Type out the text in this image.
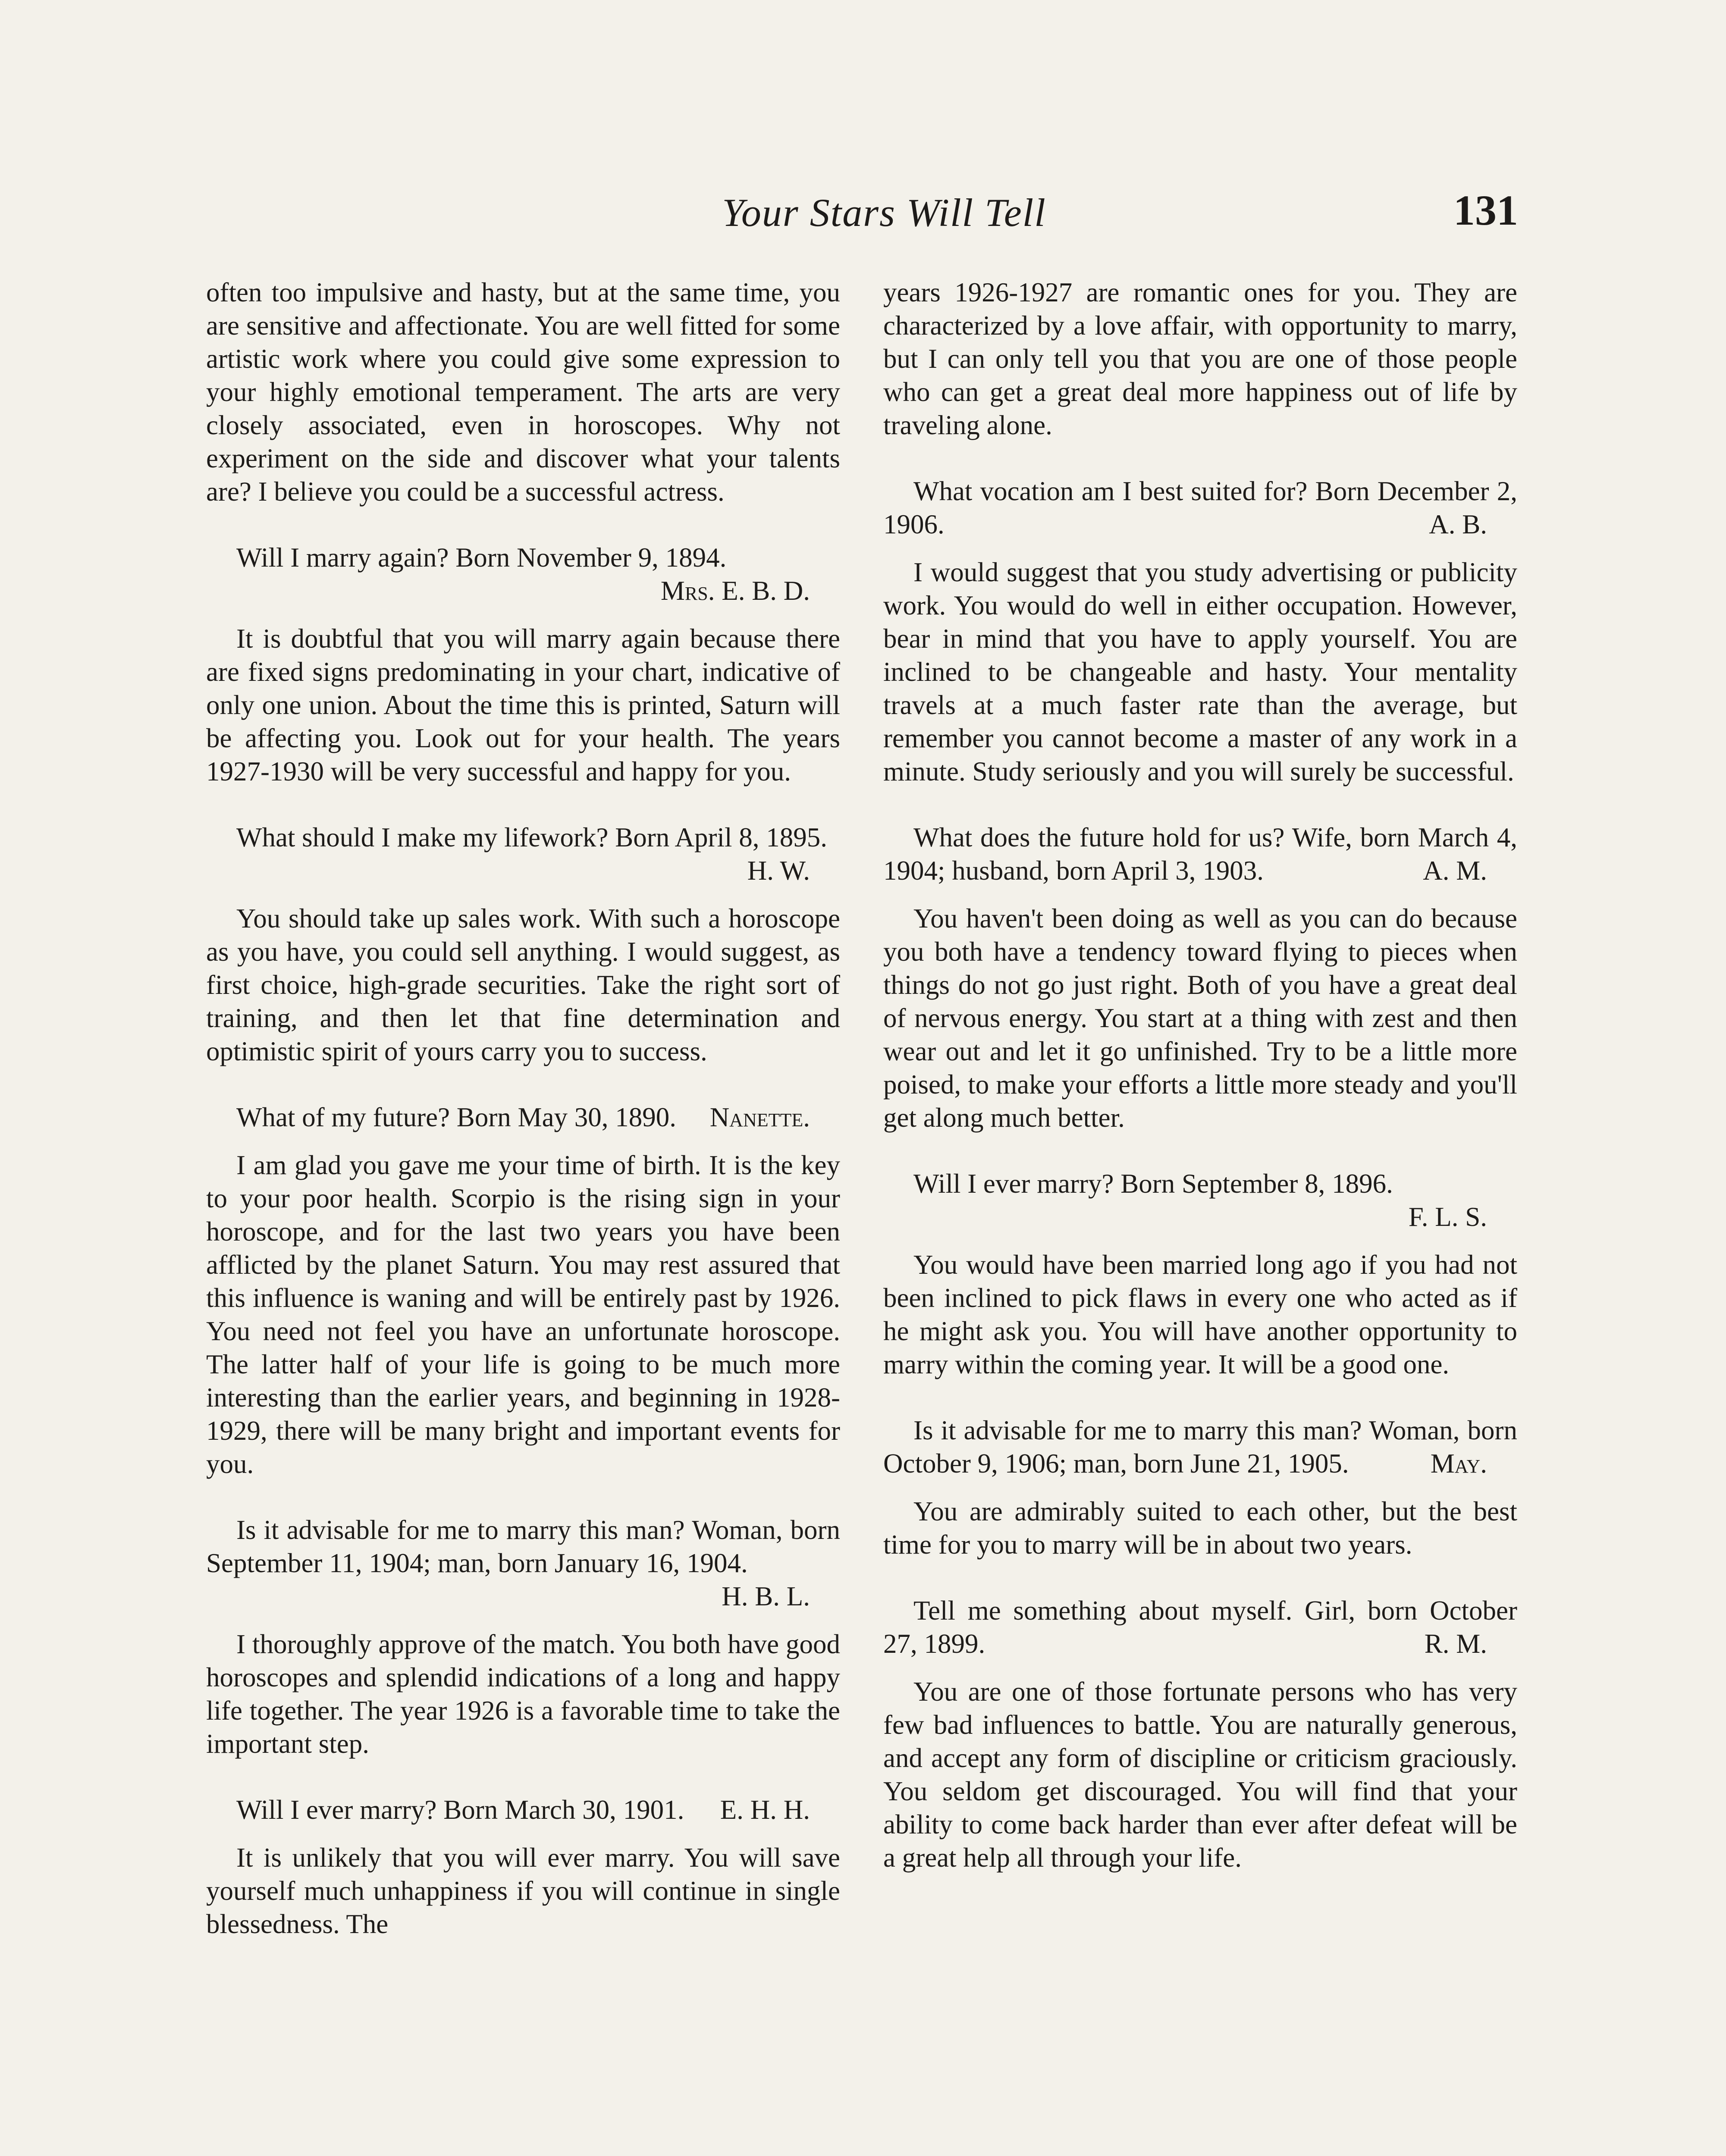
Your Stars Will Tell	131

often too impulsive and hasty, but at the same time, you are sensitive and affectionate. You are well fitted for some artistic work where you could give some expression to your highly emotional temperament. The arts are very closely associated, even in horoscopes. Why not experiment on the side and discover what your talents are? I believe you could be a successful actress.

Will I marry again? Born November 9, 1894.
Mrs. E. B. D.

It is doubtful that you will marry again because there are fixed signs predominating in your chart, indicative of only one union. About the time this is printed, Saturn will be affecting you. Look out for your health. The years 1927-1930 will be very successful and happy for you.

What should I make my lifework? Born April 8, 1895.
H. W.

You should take up sales work. With such a horoscope as you have, you could sell anything. I would suggest, as first choice, high-grade securities. Take the right sort of training, and then let that fine determination and optimistic spirit of yours carry you to success.

What of my future? Born May 30, 1890.	Nanette.

I am glad you gave me your time of birth. It is the key to your poor health. Scorpio is the rising sign in your horoscope, and for the last two years you have been afflicted by the planet Saturn. You may rest assured that this influence is waning and will be entirely past by 1926. You need not feel you have an unfortunate horoscope. The latter half of your life is going to be much more interesting than the earlier years, and beginning in 1928-1929, there will be many bright and important events for you.

Is it advisable for me to marry this man? Woman, born September 11, 1904; man, born January 16, 1904.
H. B. L.

I thoroughly approve of the match. You both have good horoscopes and splendid indications of a long and happy life together. The year 1926 is a favorable time to take the important step.

Will I ever marry? Born March 30, 1901.	E. H. H.

It is unlikely that you will ever marry. You will save yourself much unhappiness if you will continue in single blessedness. The

years 1926-1927 are romantic ones for you. They are characterized by a love affair, with opportunity to marry, but I can only tell you that you are one of those people who can get a great deal more happiness out of life by traveling alone.

What vocation am I best suited for? Born December 2, 1906.	A. B.

I would suggest that you study advertising or publicity work. You would do well in either occupation. However, bear in mind that you have to apply yourself. You are inclined to be changeable and hasty. Your mentality travels at a much faster rate than the average, but remember you cannot become a master of any work in a minute. Study seriously and you will surely be successful.

What does the future hold for us? Wife, born March 4, 1904; husband, born April 3, 1903.	A. M.

You haven't been doing as well as you can do because you both have a tendency toward flying to pieces when things do not go just right. Both of you have a great deal of nervous energy. You start at a thing with zest and then wear out and let it go unfinished. Try to be a little more poised, to make your efforts a little more steady and you'll get along much better.

Will I ever marry? Born September 8, 1896.
F. L. S.

You would have been married long ago if you had not been inclined to pick flaws in every one who acted as if he might ask you. You will have another opportunity to marry within the coming year. It will be a good one.

Is it advisable for me to marry this man? Woman, born October 9, 1906; man, born June 21, 1905.	May.

You are admirably suited to each other, but the best time for you to marry will be in about two years.

Tell me something about myself. Girl, born October 27, 1899.	R. M.

You are one of those fortunate persons who has very few bad influences to battle. You are naturally generous, and accept any form of discipline or criticism graciously. You seldom get discouraged. You will find that your ability to come back harder than ever after defeat will be a great help all through your life.
